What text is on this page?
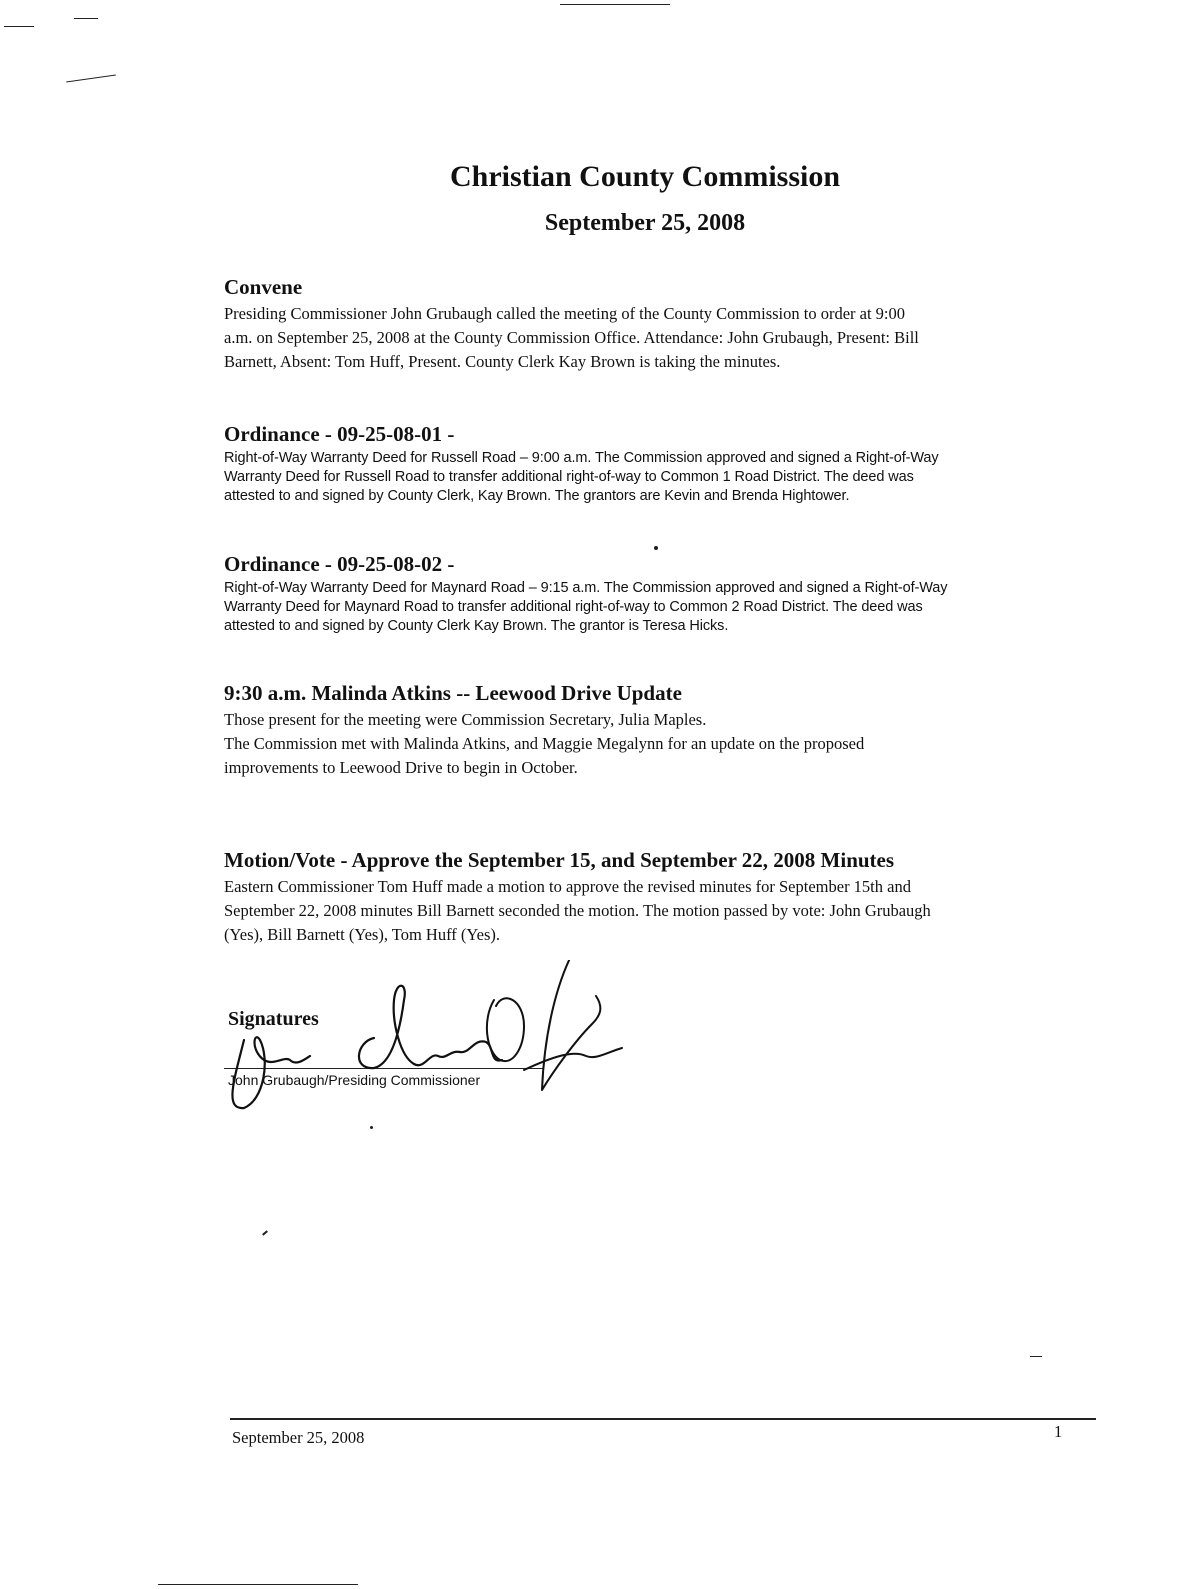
Christian County Commission
September 25, 2008
Convene

Presiding Commissioner John Grubaugh called the meeting of the County Commission to order at 9:00

a.m. on September 25, 2008 at the County Commission Office. Attendance: John Grubaugh, Present: Bill

Barnett, Absent: Tom Huff, Present. County Clerk Kay Brown is taking the minutes.

Ordinance - 09-25-08-01 -

Right-of-Way Warranty Deed for Russell Road – 9:00 a.m. The Commission approved and signed a Right-of-Way

Warranty Deed for Russell Road to transfer additional right-of-way to Common 1 Road District. The deed was

attested to and signed by County Clerk, Kay Brown. The grantors are Kevin and Brenda Hightower.

Ordinance - 09-25-08-02 -

Right-of-Way Warranty Deed for Maynard Road – 9:15 a.m. The Commission approved and signed a Right-of-Way

Warranty Deed for Maynard Road to transfer additional right-of-way to Common 2 Road District. The deed was

attested to and signed by County Clerk Kay Brown. The grantor is Teresa Hicks.

9:30 a.m. Malinda Atkins -- Leewood Drive Update

Those present for the meeting were Commission Secretary, Julia Maples.

The Commission met with Malinda Atkins, and Maggie Megalynn for an update on the proposed

improvements to Leewood Drive to begin in October.

Motion/Vote - Approve the September 15, and September 22, 2008 Minutes

Eastern Commissioner Tom Huff made a motion to approve the revised minutes for September 15th and

September 22, 2008 minutes Bill Barnett seconded the motion. The motion passed by vote: John Grubaugh

(Yes), Bill Barnett (Yes), Tom Huff (Yes).

Signatures
John Grubaugh/Presiding Commissioner
September 25, 2008	1
